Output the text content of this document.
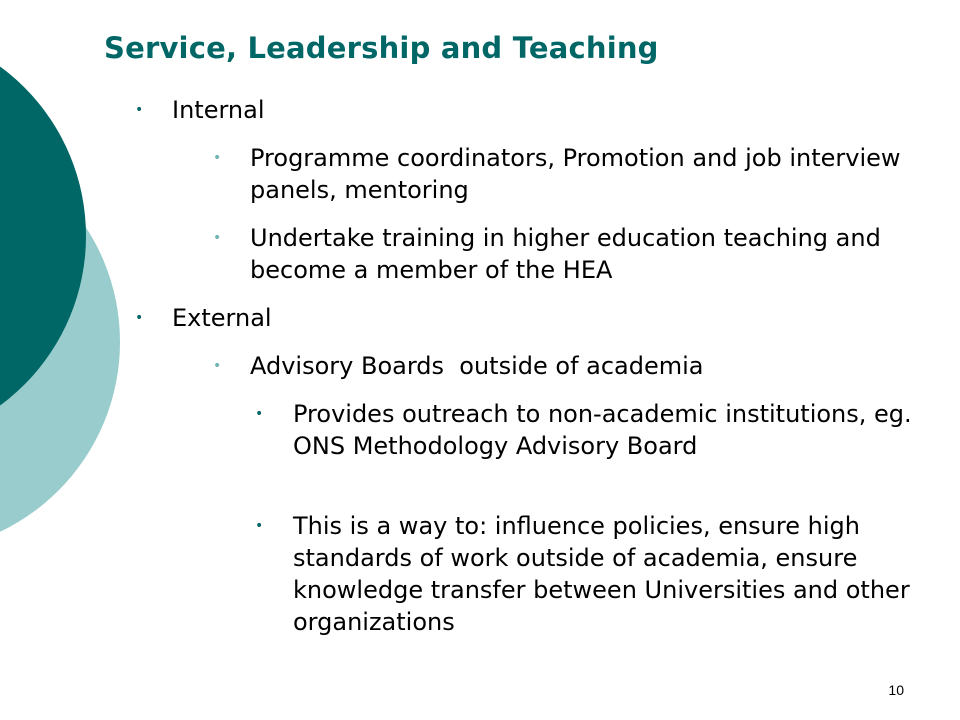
Service, Leadership and Teaching
• Internal
• Programme coordinators, Promotion and job interview panels, mentoring
• Undertake training in higher education teaching and become a member of the HEA
• External
• Advisory Boards  outside of academia
• Provides outreach to non-academic institutions, eg. ONS Methodology Advisory Board
• This is a way to: influence policies, ensure high standards of work outside of academia, ensure knowledge transfer between Universities and other organizations
10
